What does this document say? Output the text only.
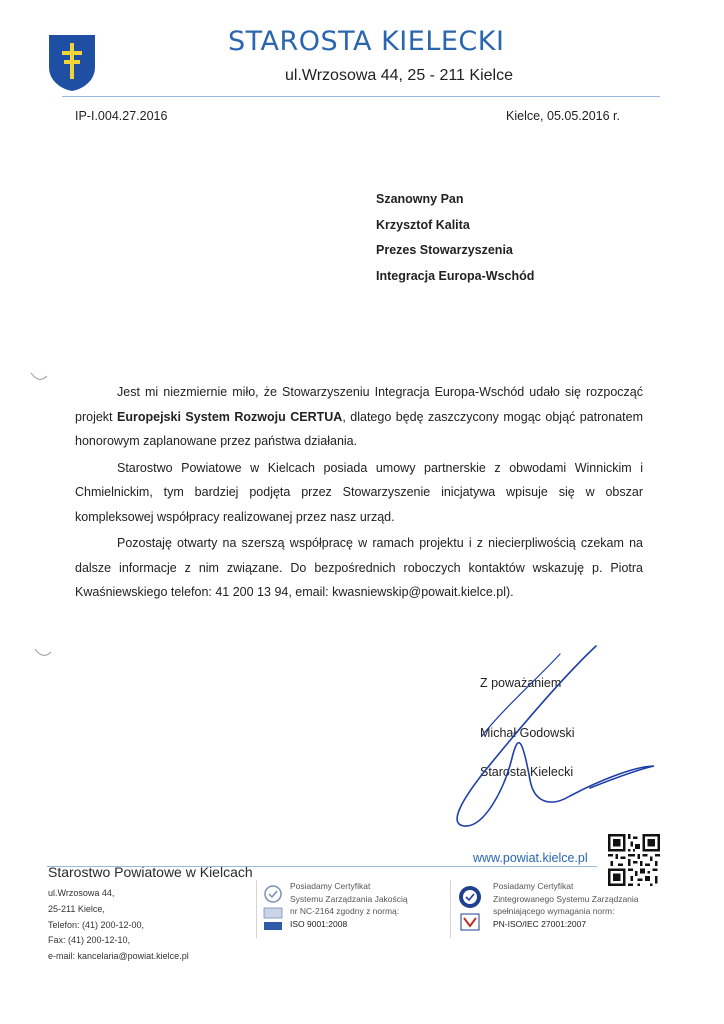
STAROSTA KIELECKI
ul.Wrzosowa 44, 25 - 211 Kielce
IP-I.004.27.2016	Kielce, 05.05.2016 r.
Szanowny Pan
Krzysztof Kalita
Prezes Stowarzyszenia
Integracja Europa-Wschód

Jest mi niezmiernie miło, że Stowarzyszeniu Integracja Europa-Wschód udało się rozpocząć projekt Europejski System Rozwoju CERTUA, dlatego będę zaszczycony mogąc objąć patronatem honorowym zaplanowane przez państwa działania.

Starostwo Powiatowe w Kielcach posiada umowy partnerskie z obwodami Winnickim i Chmielnickim, tym bardziej podjęta przez Stowarzyszenie inicjatywa wpisuje się w obszar kompleksowej współpracy realizowanej przez nasz urząd.

Pozostaję otwarty na szerszą współpracę w ramach projektu i z niecierpliwością czekam na dalsze informacje z nim związane. Do bezpośrednich roboczych kontaktów wskazuję p. Piotra Kwaśniewskiego telefon: 41 200 13 94, email: kwasniewskip@powait.kielce.pl).

Z poważaniem
Michał Godowski
Starosta Kielecki
www.powiat.kielce.pl
Starostwo Powiatowe w Kielcach
ul.Wrzosowa 44,
25-211 Kielce,
Telefon: (41) 200-12-00,
Fax: (41) 200-12-10,
e-mail: kancelaria@powiat.kielce.pl
Posiadamy Certyfikat
Systemu Zarządzania Jakością
nr NC-2164 zgodny z normą:
ISO 9001:2008
Posiadamy Certyfikat
Zintegrowanego Systemu Zarządzania
spełniającego wymagania norm:
PN-ISO/IEC 27001:2007
